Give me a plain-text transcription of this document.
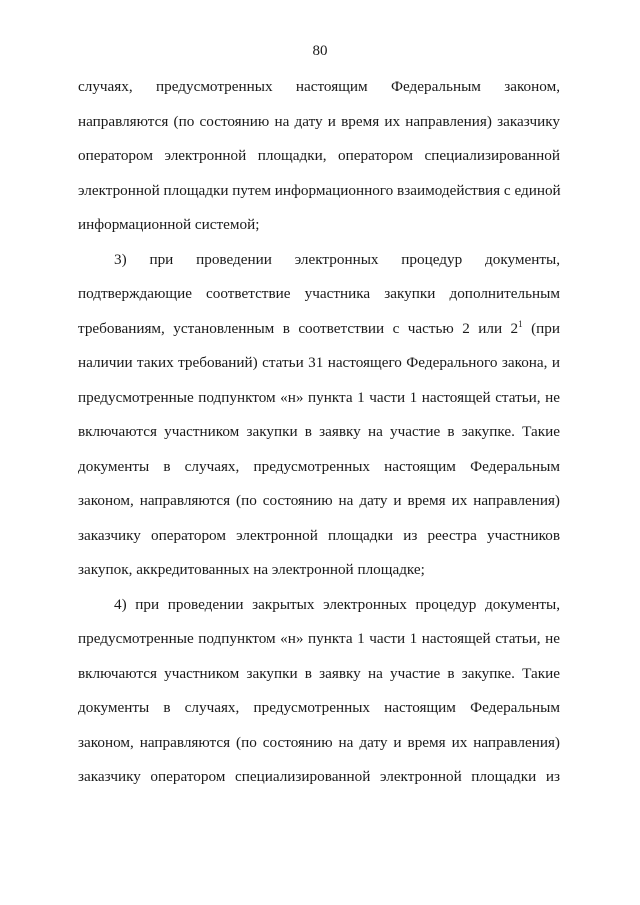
80
случаях, предусмотренных настоящим Федеральным законом,
направляются (по состоянию на дату и время их направления) заказчику
оператором электронной площадки, оператором специализированной
электронной площадки путем информационного взаимодействия с единой
информационной системой;
3) при проведении электронных процедур документы,
подтверждающие соответствие участника закупки дополнительным
требованиям, установленным в соответствии с частью 2 или $2^1$ (при
наличии таких требований) статьи 31 настоящего Федерального закона, и
предусмотренные подпунктом «н» пункта 1 части 1 настоящей статьи, не
включаются участником закупки в заявку на участие в закупке. Такие
документы в случаях, предусмотренных настоящим Федеральным
законом, направляются (по состоянию на дату и время их направления)
заказчику оператором электронной площадки из реестра участников
закупок, аккредитованных на электронной площадке;
4) при проведении закрытых электронных процедур документы,
предусмотренные подпунктом «н» пункта 1 части 1 настоящей статьи, не
включаются участником закупки в заявку на участие в закупке. Такие
документы в случаях, предусмотренных настоящим Федеральным
законом, направляются (по состоянию на дату и время их направления)
заказчику оператором специализированной электронной площадки из
